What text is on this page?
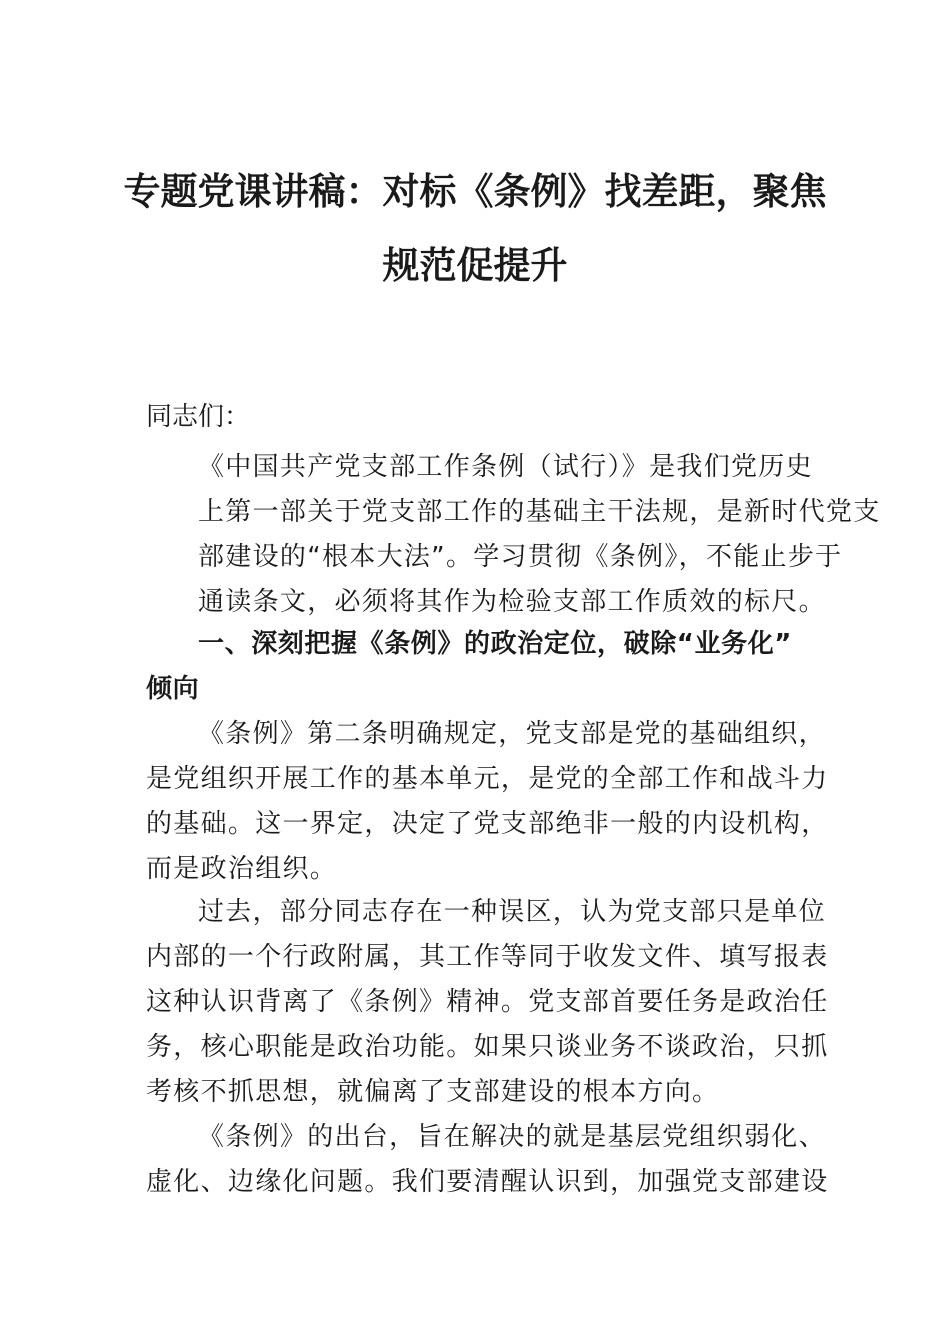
专题党课讲稿：对标《条例》找差距，聚焦
规范促提升

同志们：

《中国共产党支部工作条例（试行）》是我们党历史
上第一部关于党支部工作的基础主干法规，是新时代党支
部建设的“根本大法”。学习贯彻《条例》，不能止步于
通读条文，必须将其作为检验支部工作质效的标尺。

一、深刻把握《条例》的政治定位，破除“业务化”
倾向

《条例》第二条明确规定，党支部是党的基础组织，
是党组织开展工作的基本单元，是党的全部工作和战斗力
的基础。这一界定，决定了党支部绝非一般的内设机构，
而是政治组织。

过去，部分同志存在一种误区，认为党支部只是单位
内部的一个行政附属，其工作等同于收发文件、填写报表
这种认识背离了《条例》精神。党支部首要任务是政治任
务，核心职能是政治功能。如果只谈业务不谈政治，只抓
考核不抓思想，就偏离了支部建设的根本方向。

《条例》的出台，旨在解决的就是基层党组织弱化、
虚化、边缘化问题。我们要清醒认识到，加强党支部建设
